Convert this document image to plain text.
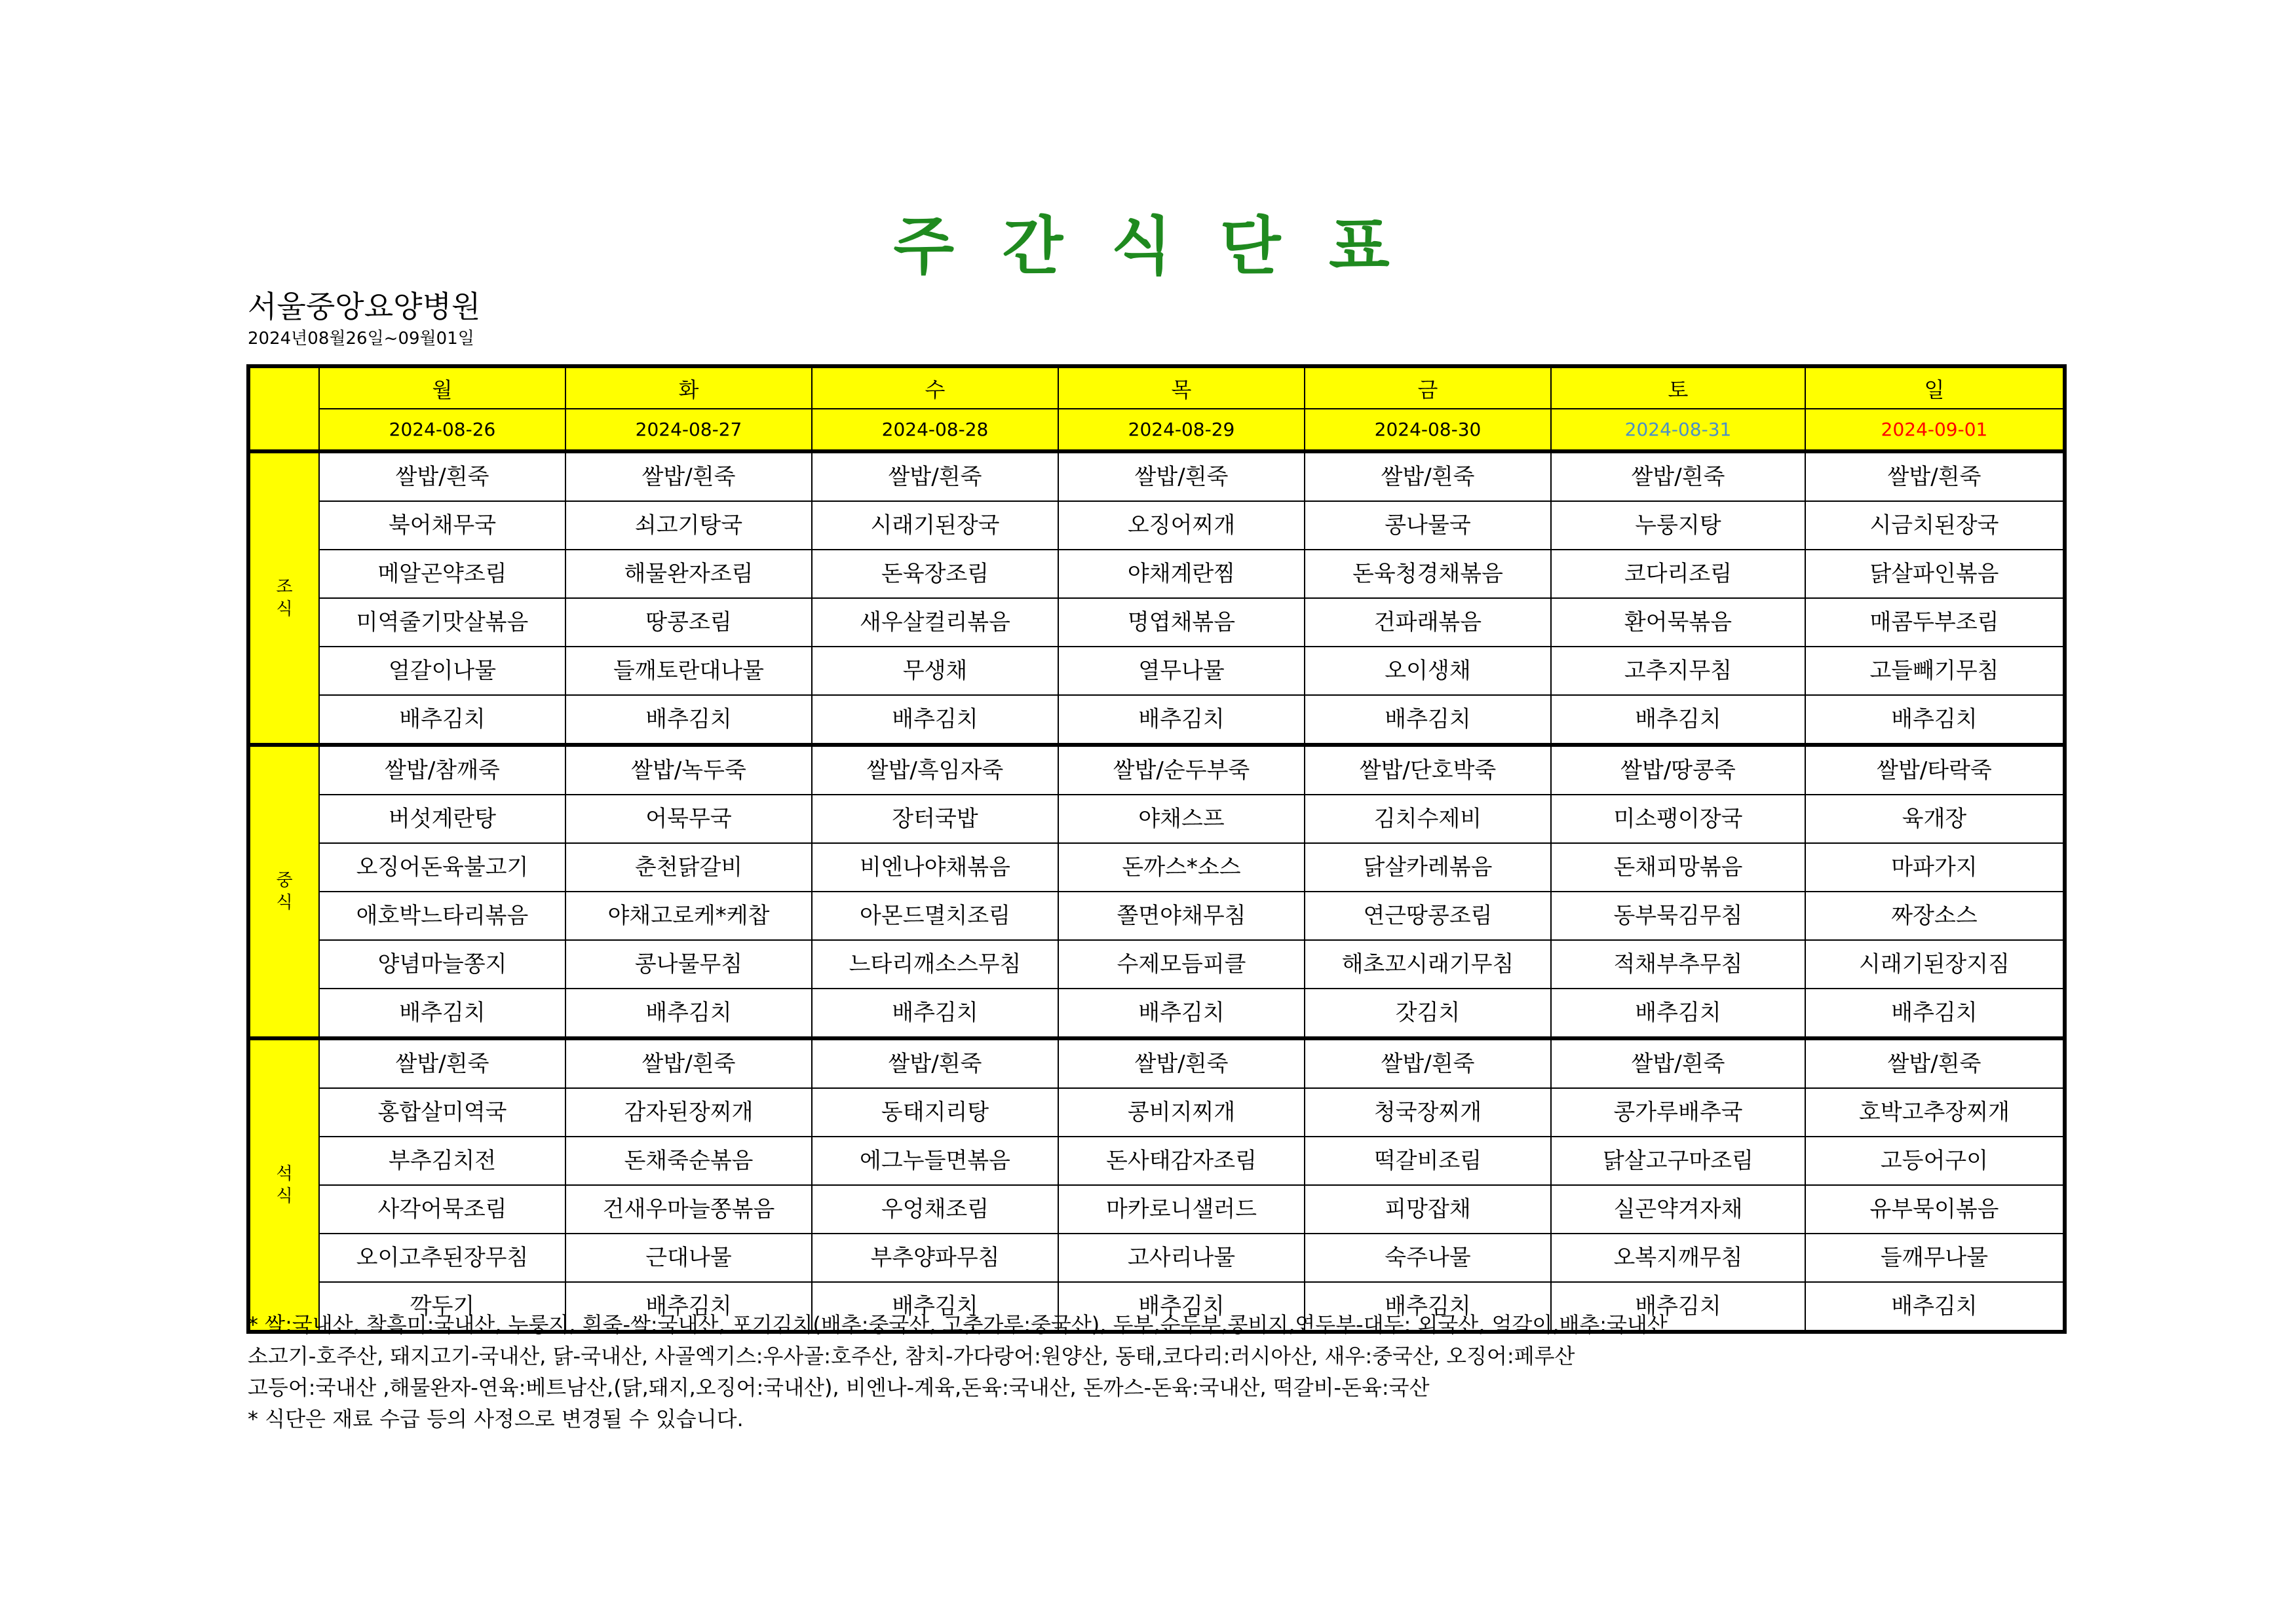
주 간 식 단 표
서울중앙요양병원
2024년08월26일~09월01일
	월	화	수	목	금	토	일
	2024-08-26	2024-08-27	2024-08-28	2024-08-29	2024-08-30	2024-08-31	2024-09-01

조
식	쌀밥/흰죽	쌀밥/흰죽	쌀밥/흰죽	쌀밥/흰죽	쌀밥/흰죽	쌀밥/흰죽	쌀밥/흰죽
	북어채무국	쇠고기탕국	시래기된장국	오징어찌개	콩나물국	누룽지탕	시금치된장국
	메알곤약조림	해물완자조림	돈육장조림	야채계란찜	돈육청경채볶음	코다리조림	닭살파인볶음
	미역줄기맛살볶음	땅콩조림	새우살컬리볶음	명엽채볶음	건파래볶음	환어묵볶음	매콤두부조림
	얼갈이나물	들깨토란대나물	무생채	열무나물	오이생채	고추지무침	고들빼기무침
	배추김치	배추김치	배추김치	배추김치	배추김치	배추김치	배추김치

중
식	쌀밥/참깨죽	쌀밥/녹두죽	쌀밥/흑임자죽	쌀밥/순두부죽	쌀밥/단호박죽	쌀밥/땅콩죽	쌀밥/타락죽
	버섯계란탕	어묵무국	장터국밥	야채스프	김치수제비	미소팽이장국	육개장
	오징어돈육불고기	춘천닭갈비	비엔나야채볶음	돈까스*소스	닭살카레볶음	돈채피망볶음	마파가지
	애호박느타리볶음	야채고로케*케찹	아몬드멸치조림	쫄면야채무침	연근땅콩조림	동부묵김무침	짜장소스
	양념마늘쫑지	콩나물무침	느타리깨소스무침	수제모듬피클	해초꼬시래기무침	적채부추무침	시래기된장지짐
	배추김치	배추김치	배추김치	배추김치	갓김치	배추김치	배추김치

석
식	쌀밥/흰죽	쌀밥/흰죽	쌀밥/흰죽	쌀밥/흰죽	쌀밥/흰죽	쌀밥/흰죽	쌀밥/흰죽
	홍합살미역국	감자된장찌개	동태지리탕	콩비지찌개	청국장찌개	콩가루배추국	호박고추장찌개
	부추김치전	돈채죽순볶음	에그누들면볶음	돈사태감자조림	떡갈비조림	닭살고구마조림	고등어구이
	사각어묵조림	건새우마늘쫑볶음	우엉채조림	마카로니샐러드	피망잡채	실곤약겨자채	유부묵이볶음
	오이고추된장무침	근대나물	부추양파무침	고사리나물	숙주나물	오복지깨무침	들깨무나물
	깍두기	배추김치	배추김치	배추김치	배추김치	배추김치	배추김치
* 쌀:국내산, 찰흑미:국내산, 누룽지, 흰죽-쌀:국내산, 포기김치(배추:중국산, 고춧가루:중국산), 두부,순두부,콩비지,연두부-대두: 외국산, 얼갈이,배추:국내산
소고기-호주산, 돼지고기-국내산, 닭-국내산, 사골엑기스:우사골:호주산, 참치-가다랑어:원양산, 동태,코다리:러시아산, 새우:중국산, 오징어:페루산
고등어:국내산 ,해물완자-연육:베트남산,(닭,돼지,오징어:국내산), 비엔나-계육,돈육:국내산, 돈까스-돈육:국내산, 떡갈비-돈육:국산
* 식단은 재료 수급 등의 사정으로 변경될 수 있습니다.
